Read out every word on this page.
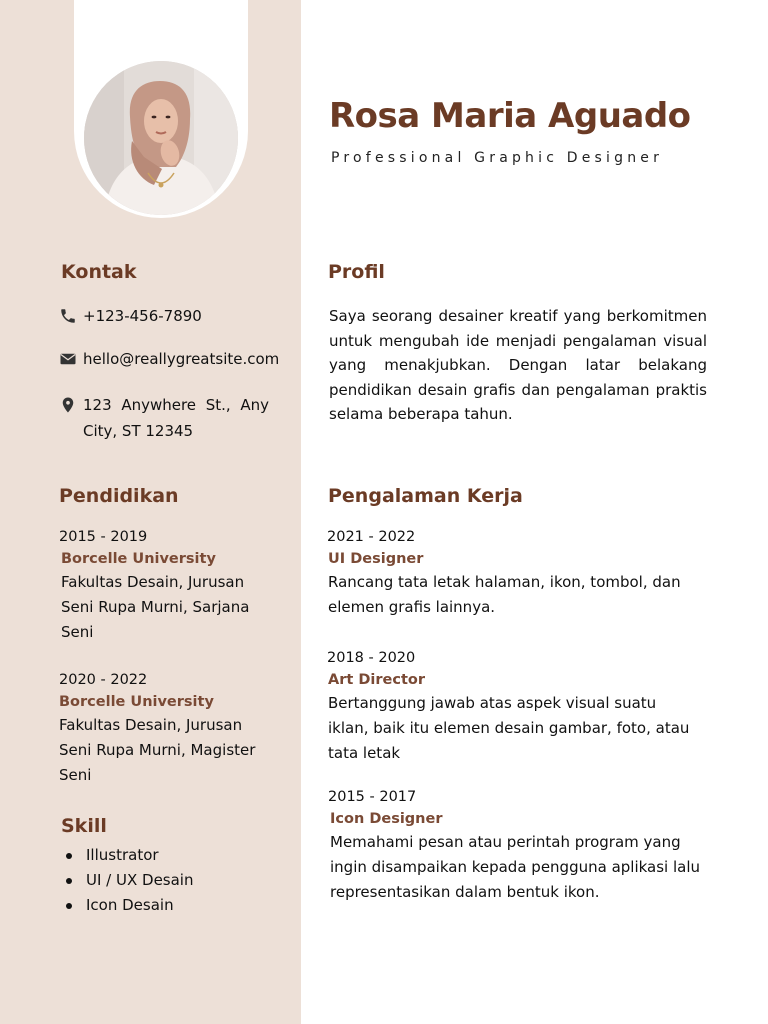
Rosa Maria Aguado

Professional Graphic Designer

Kontak
+123-456-7890
hello@reallygreatsite.com
123 Anywhere St., Any City, ST 12345
Profil

Saya seorang desainer kreatif yang berkomitmen untuk mengubah ide menjadi pengalaman visual yang menakjubkan. Dengan latar belakang pendidikan desain grafis dan pengalaman praktis selama beberapa tahun.

Pendidikan
2015 - 2019
Borcelle University
Fakultas Desain, Jurusan Seni Rupa Murni, Sarjana Seni
2020 - 2022
Borcelle University
Fakultas Desain, Jurusan Seni Rupa Murni, Magister Seni
Skill
Illustrator
UI / UX Desain
Icon Desain
Pengalaman Kerja
2021 - 2022
UI Designer
Rancang tata letak halaman, ikon, tombol, dan elemen grafis lainnya.
2018 - 2020
Art Director
Bertanggung jawab atas aspek visual suatu iklan, baik itu elemen desain gambar, foto, atau tata letak
2015 - 2017
Icon Designer
Memahami pesan atau perintah program yang ingin disampaikan kepada pengguna aplikasi lalu representasikan dalam bentuk ikon.
